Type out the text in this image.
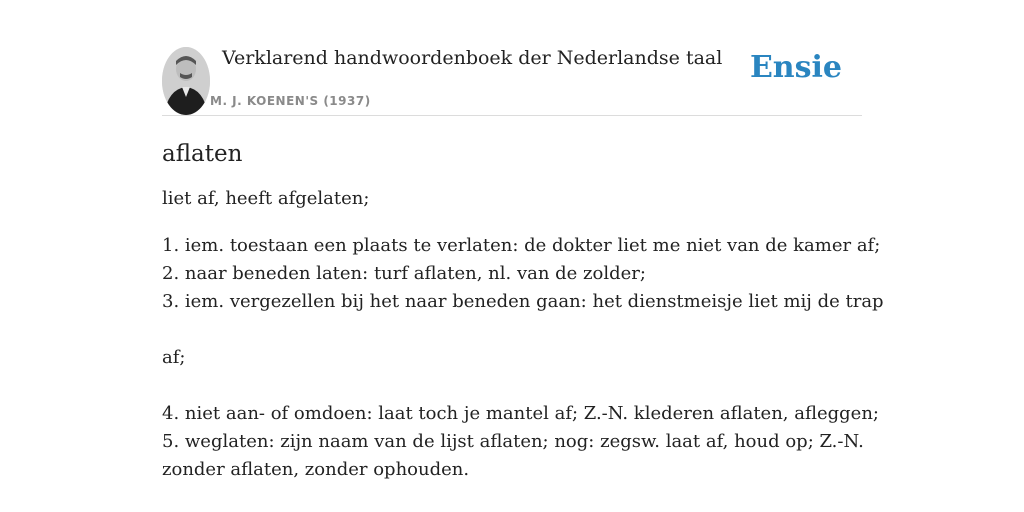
Verklarend handwoordenboek der Nederlandse taal
M. J. KOENEN'S (1937)
Ensie
aflaten

liet af, heeft afgelaten;

1. iem. toestaan een plaats te verlaten: de dokter liet me niet van de kamer af;

2. naar beneden laten: turf aflaten, nl. van de zolder;

3. iem. vergezellen bij het naar beneden gaan: het dienstmeisje liet mij de trap

af;

4. niet aan- of omdoen: laat toch je mantel af; Z.-N. klederen aflaten, afleggen;

5. weglaten: zijn naam van de lijst aflaten; nog: zegsw. laat af, houd op; Z.-N.

zonder aflaten, zonder ophouden.
